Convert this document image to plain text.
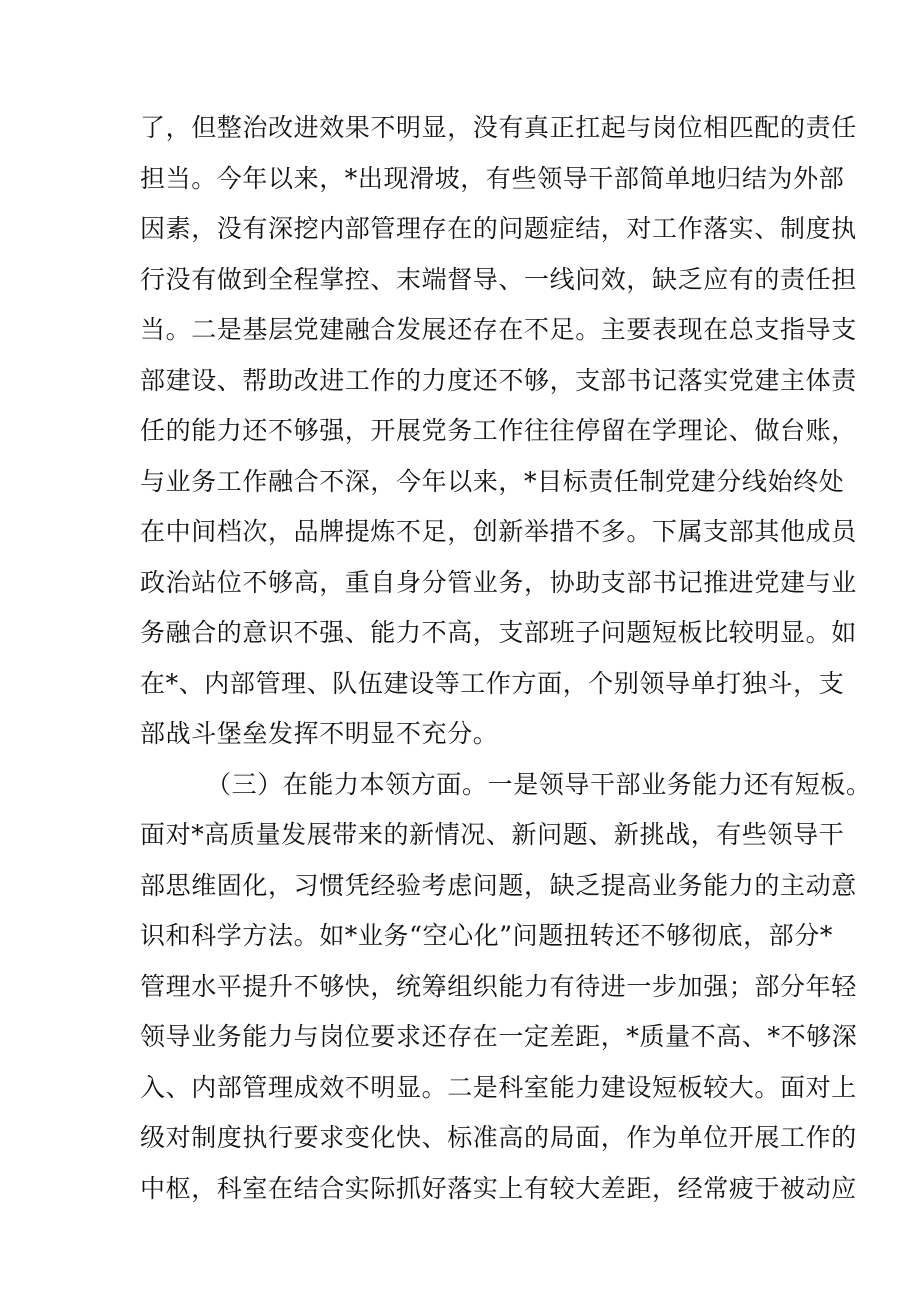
了，但整治改进效果不明显，没有真正扛起与岗位相匹配的责任
担当。今年以来，*出现滑坡，有些领导干部简单地归结为外部
因素，没有深挖内部管理存在的问题症结，对工作落实、制度执
行没有做到全程掌控、末端督导、一线问效，缺乏应有的责任担
当。二是基层党建融合发展还存在不足。主要表现在总支指导支
部建设、帮助改进工作的力度还不够，支部书记落实党建主体责
任的能力还不够强，开展党务工作往往停留在学理论、做台账，
与业务工作融合不深，今年以来，*目标责任制党建分线始终处
在中间档次，品牌提炼不足，创新举措不多。下属支部其他成员
政治站位不够高，重自身分管业务，协助支部书记推进党建与业
务融合的意识不强、能力不高，支部班子问题短板比较明显。如
在*、内部管理、队伍建设等工作方面，个别领导单打独斗，支
部战斗堡垒发挥不明显不充分。
（三）在能力本领方面。一是领导干部业务能力还有短板。
面对*高质量发展带来的新情况、新问题、新挑战，有些领导干
部思维固化，习惯凭经验考虑问题，缺乏提高业务能力的主动意
识和科学方法。如*业务“空心化”问题扭转还不够彻底，部分*
管理水平提升不够快，统筹组织能力有待进一步加强；部分年轻
领导业务能力与岗位要求还存在一定差距，*质量不高、*不够深
入、内部管理成效不明显。二是科室能力建设短板较大。面对上
级对制度执行要求变化快、标准高的局面，作为单位开展工作的
中枢，科室在结合实际抓好落实上有较大差距，经常疲于被动应
